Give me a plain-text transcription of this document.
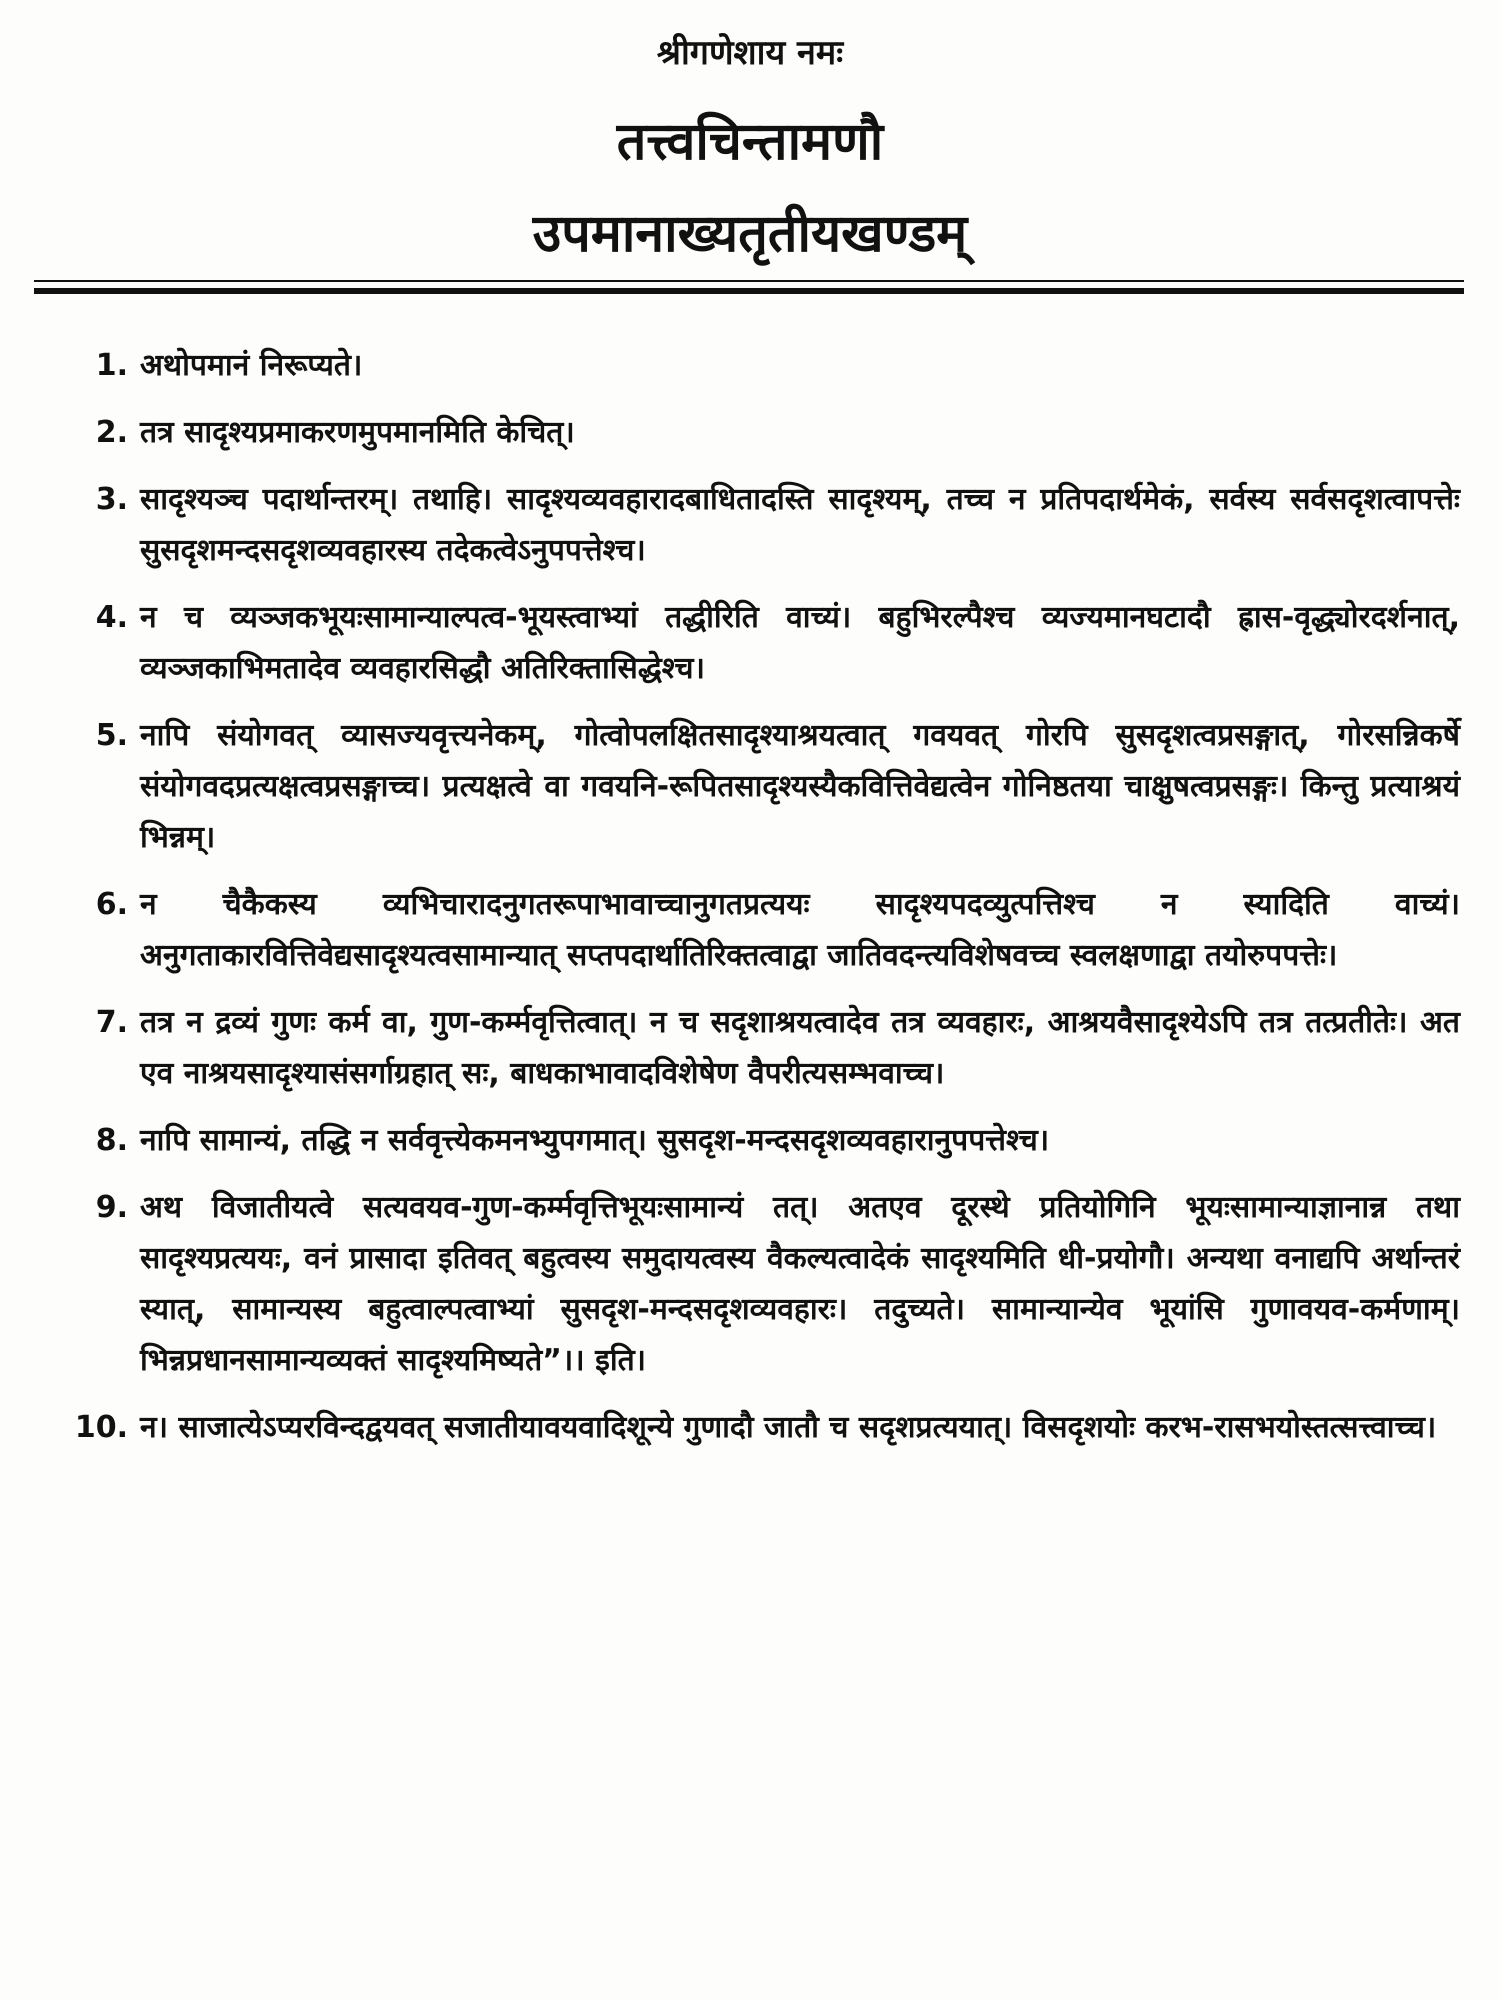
श्रीगणेशाय नमः
तत्त्वचिन्तामणौ
उपमानाख्यतृतीयखण्डम्
1. अथोपमानं निरूप्यते।
2. तत्र सादृश्यप्रमाकरणमुपमानमिति केचित्।
3. सादृश्यञ्च पदार्थान्तरम्। तथाहि। सादृश्यव्यवहारादबाधितादस्ति सादृश्यम्, तच्च न प्रतिपदार्थमेकं, सर्वस्य सर्वसदृशत्वापत्तेः सुसदृशमन्दसदृशव्यवहारस्य तदेकत्वेऽनुपपत्तेश्च।
4. न च व्यञ्जकभूयःसामान्याल्पत्व-भूयस्त्वाभ्यां तद्धीरिति वाच्यं। बहुभिरल्पैश्च व्यज्यमानघटादौ ह्रास-वृद्ध्योरदर्शनात्, व्यञ्जकाभिमतादेव व्यवहारसिद्धौ अतिरिक्तासिद्धेश्च।
5. नापि संयोगवत् व्यासज्यवृत्त्यनेकम्, गोत्वोपलक्षितसादृश्याश्रयत्वात् गवयवत् गोरपि सुसदृशत्वप्रसङ्गात्, गोरसन्निकर्षे संयोगवदप्रत्यक्षत्वप्रसङ्गाच्च। प्रत्यक्षत्वे वा गवयनि-रूपितसादृश्यस्यैकवित्तिवेद्यत्वेन गोनिष्ठतया चाक्षुषत्वप्रसङ्गः। किन्तु प्रत्याश्रयं भिन्नम्।
6. न चैकैकस्य व्यभिचारादनुगतरूपाभावाच्चानुगतप्रत्ययः सादृश्यपदव्युत्पत्तिश्च न स्यादिति वाच्यं। अनुगताकारवित्तिवेद्यसादृश्यत्वसामान्यात् सप्तपदार्थातिरिक्तत्वाद्वा जातिवदन्त्यविशेषवच्च स्वलक्षणाद्वा तयोरुपपत्तेः।
7. तत्र न द्रव्यं गुणः कर्म वा, गुण-कर्म्मवृत्तित्वात्। न च सदृशाश्रयत्वादेव तत्र व्यवहारः, आश्रयवैसादृश्येऽपि तत्र तत्प्रतीतेः। अत एव नाश्रयसादृश्यासंसर्गाग्रहात् सः, बाधकाभावादविशेषेण वैपरीत्यसम्भवाच्च।
8. नापि सामान्यं, तद्धि न सर्ववृत्त्येकमनभ्युपगमात्। सुसदृश-मन्दसदृशव्यवहारानुपपत्तेश्च।
9. अथ विजातीयत्वे सत्यवयव-गुण-कर्म्मवृत्तिभूयःसामान्यं तत्। अतएव दूरस्थे प्रतियोगिनि भूयःसामान्याज्ञानान्न तथा सादृश्यप्रत्ययः, वनं प्रासादा इतिवत् बहुत्वस्य समुदायत्वस्य वैकल्यत्वादेकं सादृश्यमिति धी-प्रयोगौ। अन्यथा वनाद्यपि अर्थान्तरं स्यात्, सामान्यस्य बहुत्वाल्पत्वाभ्यां सुसदृश-मन्दसदृशव्यवहारः। तदुच्यते। सामान्यान्येव भूयांसि गुणावयव-कर्मणाम्। भिन्नप्रधानसामान्यव्यक्तं सादृश्यमिष्यते”।। इति।
10. न। साजात्येऽप्यरविन्दद्वयवत् सजातीयावयवादिशून्ये गुणादौ जातौ च सदृशप्रत्ययात्। विसदृशयोः करभ-रासभयोस्तत्सत्त्वाच्च।
